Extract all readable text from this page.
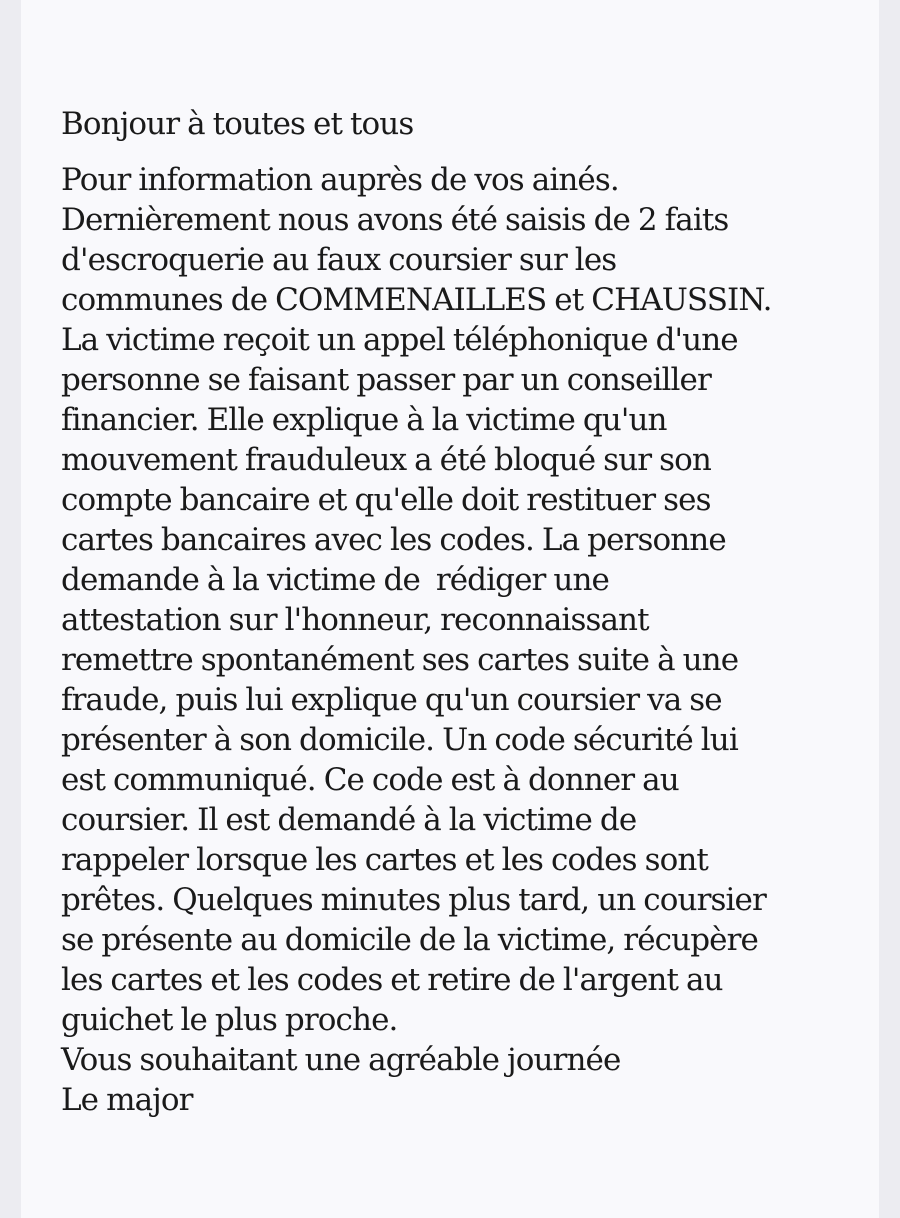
Bonjour à toutes et tous
Pour information auprès de vos ainés.
Dernièrement nous avons été saisis de 2 faits
d'escroquerie au faux coursier sur les
communes de COMMENAILLES et CHAUSSIN.
La victime reçoit un appel téléphonique d'une
personne se faisant passer par un conseiller
financier. Elle explique à la victime qu'un
mouvement frauduleux a été bloqué sur son
compte bancaire et qu'elle doit restituer ses
cartes bancaires avec les codes. La personne
demande à la victime de  rédiger une
attestation sur l'honneur, reconnaissant
remettre spontanément ses cartes suite à une
fraude, puis lui explique qu'un coursier va se
présenter à son domicile. Un code sécurité lui
est communiqué. Ce code est à donner au
coursier. Il est demandé à la victime de
rappeler lorsque les cartes et les codes sont
prêtes. Quelques minutes plus tard, un coursier
se présente au domicile de la victime, récupère
les cartes et les codes et retire de l'argent au
guichet le plus proche.
Vous souhaitant une agréable journée
Le major
